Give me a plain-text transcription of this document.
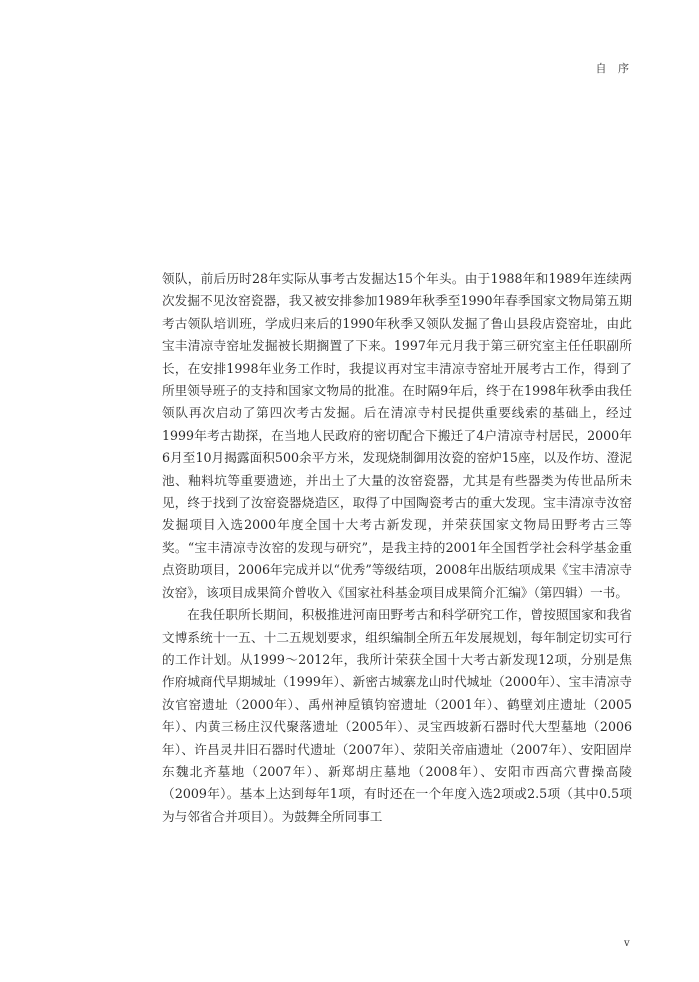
自 序

领队，前后历时28年实际从事考古发掘达15个年头。由于1988年和1989年连续两次发掘不见汝窑瓷器，我又被安排参加1989年秋季至1990年春季国家文物局第五期考古领队培训班，学成归来后的1990年秋季又领队发掘了鲁山县段店瓷窑址，由此宝丰清凉寺窑址发掘被长期搁置了下来。1997年元月我于第三研究室主任任职副所长，在安排1998年业务工作时，我提议再对宝丰清凉寺窑址开展考古工作，得到了所里领导班子的支持和国家文物局的批准。在时隔9年后，终于在1998年秋季由我任领队再次启动了第四次考古发掘。后在清凉寺村民提供重要线索的基础上，经过1999年考古勘探，在当地人民政府的密切配合下搬迁了4户清凉寺村居民，2000年6月至10月揭露面积500余平方米，发现烧制御用汝瓷的窑炉15座，以及作坊、澄泥池、釉料坑等重要遗迹，并出土了大量的汝窑瓷器，尤其是有些器类为传世品所未见，终于找到了汝窑瓷器烧造区，取得了中国陶瓷考古的重大发现。宝丰清凉寺汝窑发掘项目入选2000年度全国十大考古新发现，并荣获国家文物局田野考古三等奖。“宝丰清凉寺汝窑的发现与研究”，是我主持的2001年全国哲学社会科学基金重点资助项目，2006年完成并以“优秀”等级结项，2008年出版结项成果《宝丰清凉寺汝窑》，该项目成果简介曾收入《国家社科基金项目成果简介汇编》（第四辑）一书。

在我任职所长期间，积极推进河南田野考古和科学研究工作，曾按照国家和我省文博系统十一五、十二五规划要求，组织编制全所五年发展规划，每年制定切实可行的工作计划。从1999～2012年，我所计荣获全国十大考古新发现12项，分别是焦作府城商代早期城址（1999年）、新密古城寨龙山时代城址（2000年）、宝丰清凉寺汝官窑遗址（2000年）、禹州神垕镇钧窑遗址（2001年）、鹤壁刘庄遗址（2005年）、内黄三杨庄汉代聚落遗址（2005年）、灵宝西坡新石器时代大型墓地（2006年）、许昌灵井旧石器时代遗址（2007年）、荥阳关帝庙遗址（2007年）、安阳固岸东魏北齐墓地（2007年）、新郑胡庄墓地（2008年）、安阳市西高穴曹操高陵（2009年）。基本上达到每年1项，有时还在一个年度入选2项或2.5项（其中0.5项为与邻省合并项目）。为鼓舞全所同事工

v
